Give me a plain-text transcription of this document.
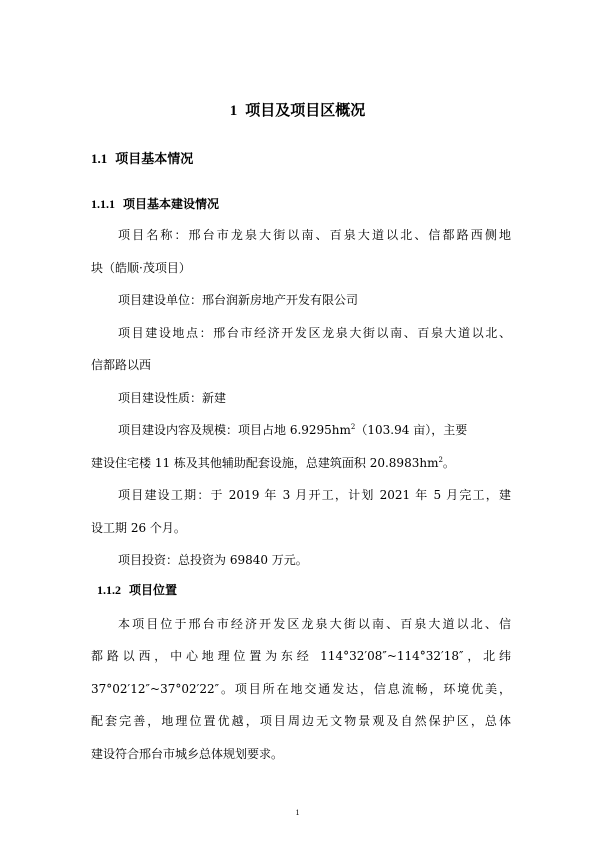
1 项目及项目区概况
1.1 项目基本情况
1.1.1 项目基本建设情况
项目名称：邢台市龙泉大街以南、百泉大道以北、信都路西侧地
块（皓顺·茂项目）
项目建设单位：邢台润新房地产开发有限公司
项目建设地点：邢台市经济开发区龙泉大街以南、百泉大道以北、
信都路以西
项目建设性质：新建
项目建设内容及规模：项目占地 $6.9295hm^2(103.94$ 亩），主要
建设住宅楼 11 栋及其他辅助配套设施，总建筑面积 $20.8983hm^2$。
项目建设工期：于 2019 年 3 月开工，计划 2021 年 5 月完工，建
设工期 26 个月。
项目投资：总投资为 69840 万元。
1.1.2 项目位置
本项目位于邢台市经济开发区龙泉大街以南、百泉大道以北、信
都路以西，中心地理位置为东经 114°32′08″~114°32′18″，北纬
37°02′12″~37°02′22″。项目所在地交通发达，信息流畅，环境优美，
配套完善，地理位置优越，项目周边无文物景观及自然保护区，总体
建设符合邢台市城乡总体规划要求。
1
